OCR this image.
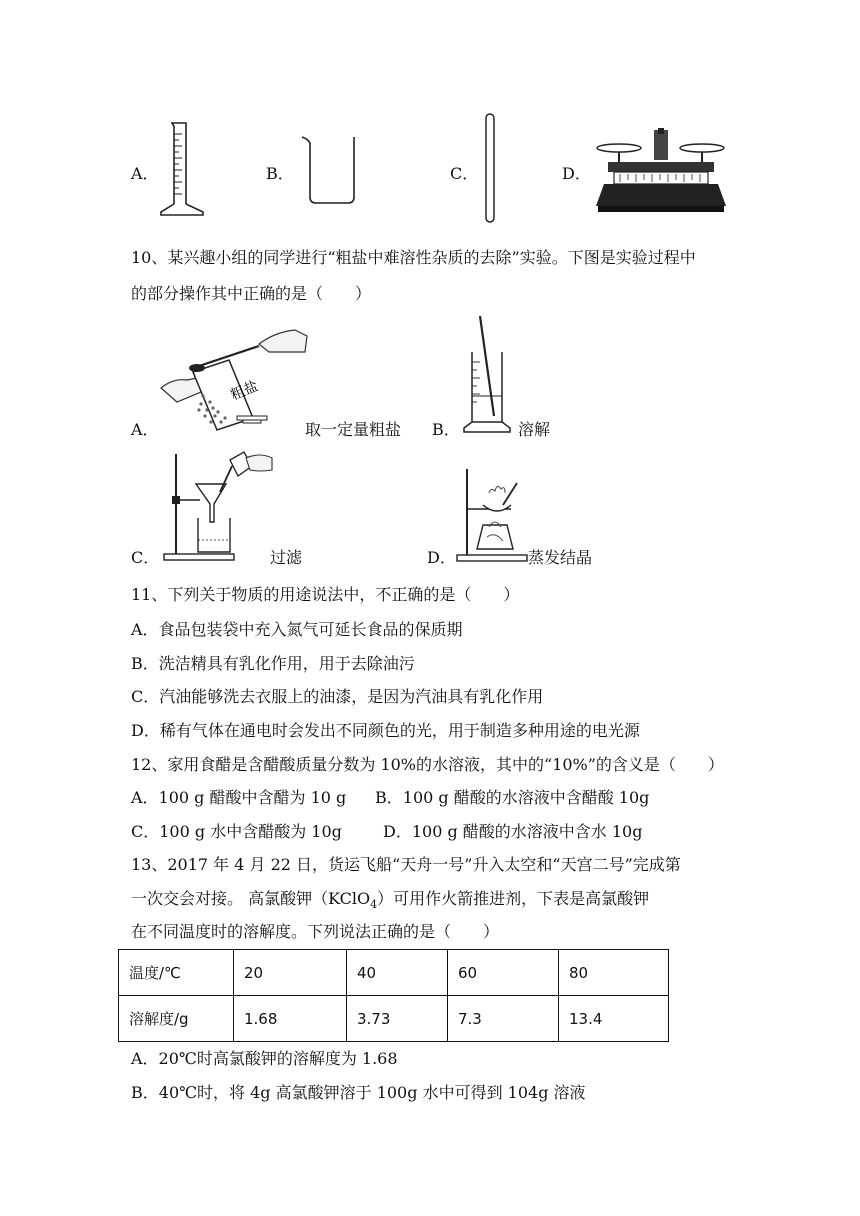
A．	B．	C．	D．
10、某兴趣小组的同学进行“粗盐中难溶性杂质的去除”实验。下图是实验过程中
的部分操作其中正确的是（　　）
A．
粗盐
取一定量粗盐 B．	溶解
C．	过滤	D．	蒸发结晶
11、下列关于物质的用途说法中，不正确的是（　　）
A．食品包装袋中充入氮气可延长食品的保质期
B．洗洁精具有乳化作用，用于去除油污
C．汽油能够洗去衣服上的油漆，是因为汽油具有乳化作用
D．稀有气体在通电时会发出不同颜色的光，用于制造多种用途的电光源
12、家用食醋是含醋酸质量分数为 10%的水溶液，其中的“10%”的含义是（　　）
A．100 g 醋酸中含醋为 10 g B．100 g 醋酸的水溶液中含醋酸 10g
C．100 g 水中含醋酸为 10g	D．100 g 醋酸的水溶液中含水 10g
13、2017 年 4 月 22 日，货运飞船“天舟一号”升入太空和“天宫二号”完成第
一次交会对接。 高氯酸钾（KClO$_4$）可用作火箭推进剂，下表是高氯酸钾
在不同温度时的溶解度。下列说法正确的是（　　）
温度/℃	20	40	60	80
溶解度/g	1.68	3.73	7.3	13.4
A．20℃时高氯酸钾的溶解度为 1.68
B．40℃时，将 4g 高氯酸钾溶于 100g 水中可得到 104g 溶液
